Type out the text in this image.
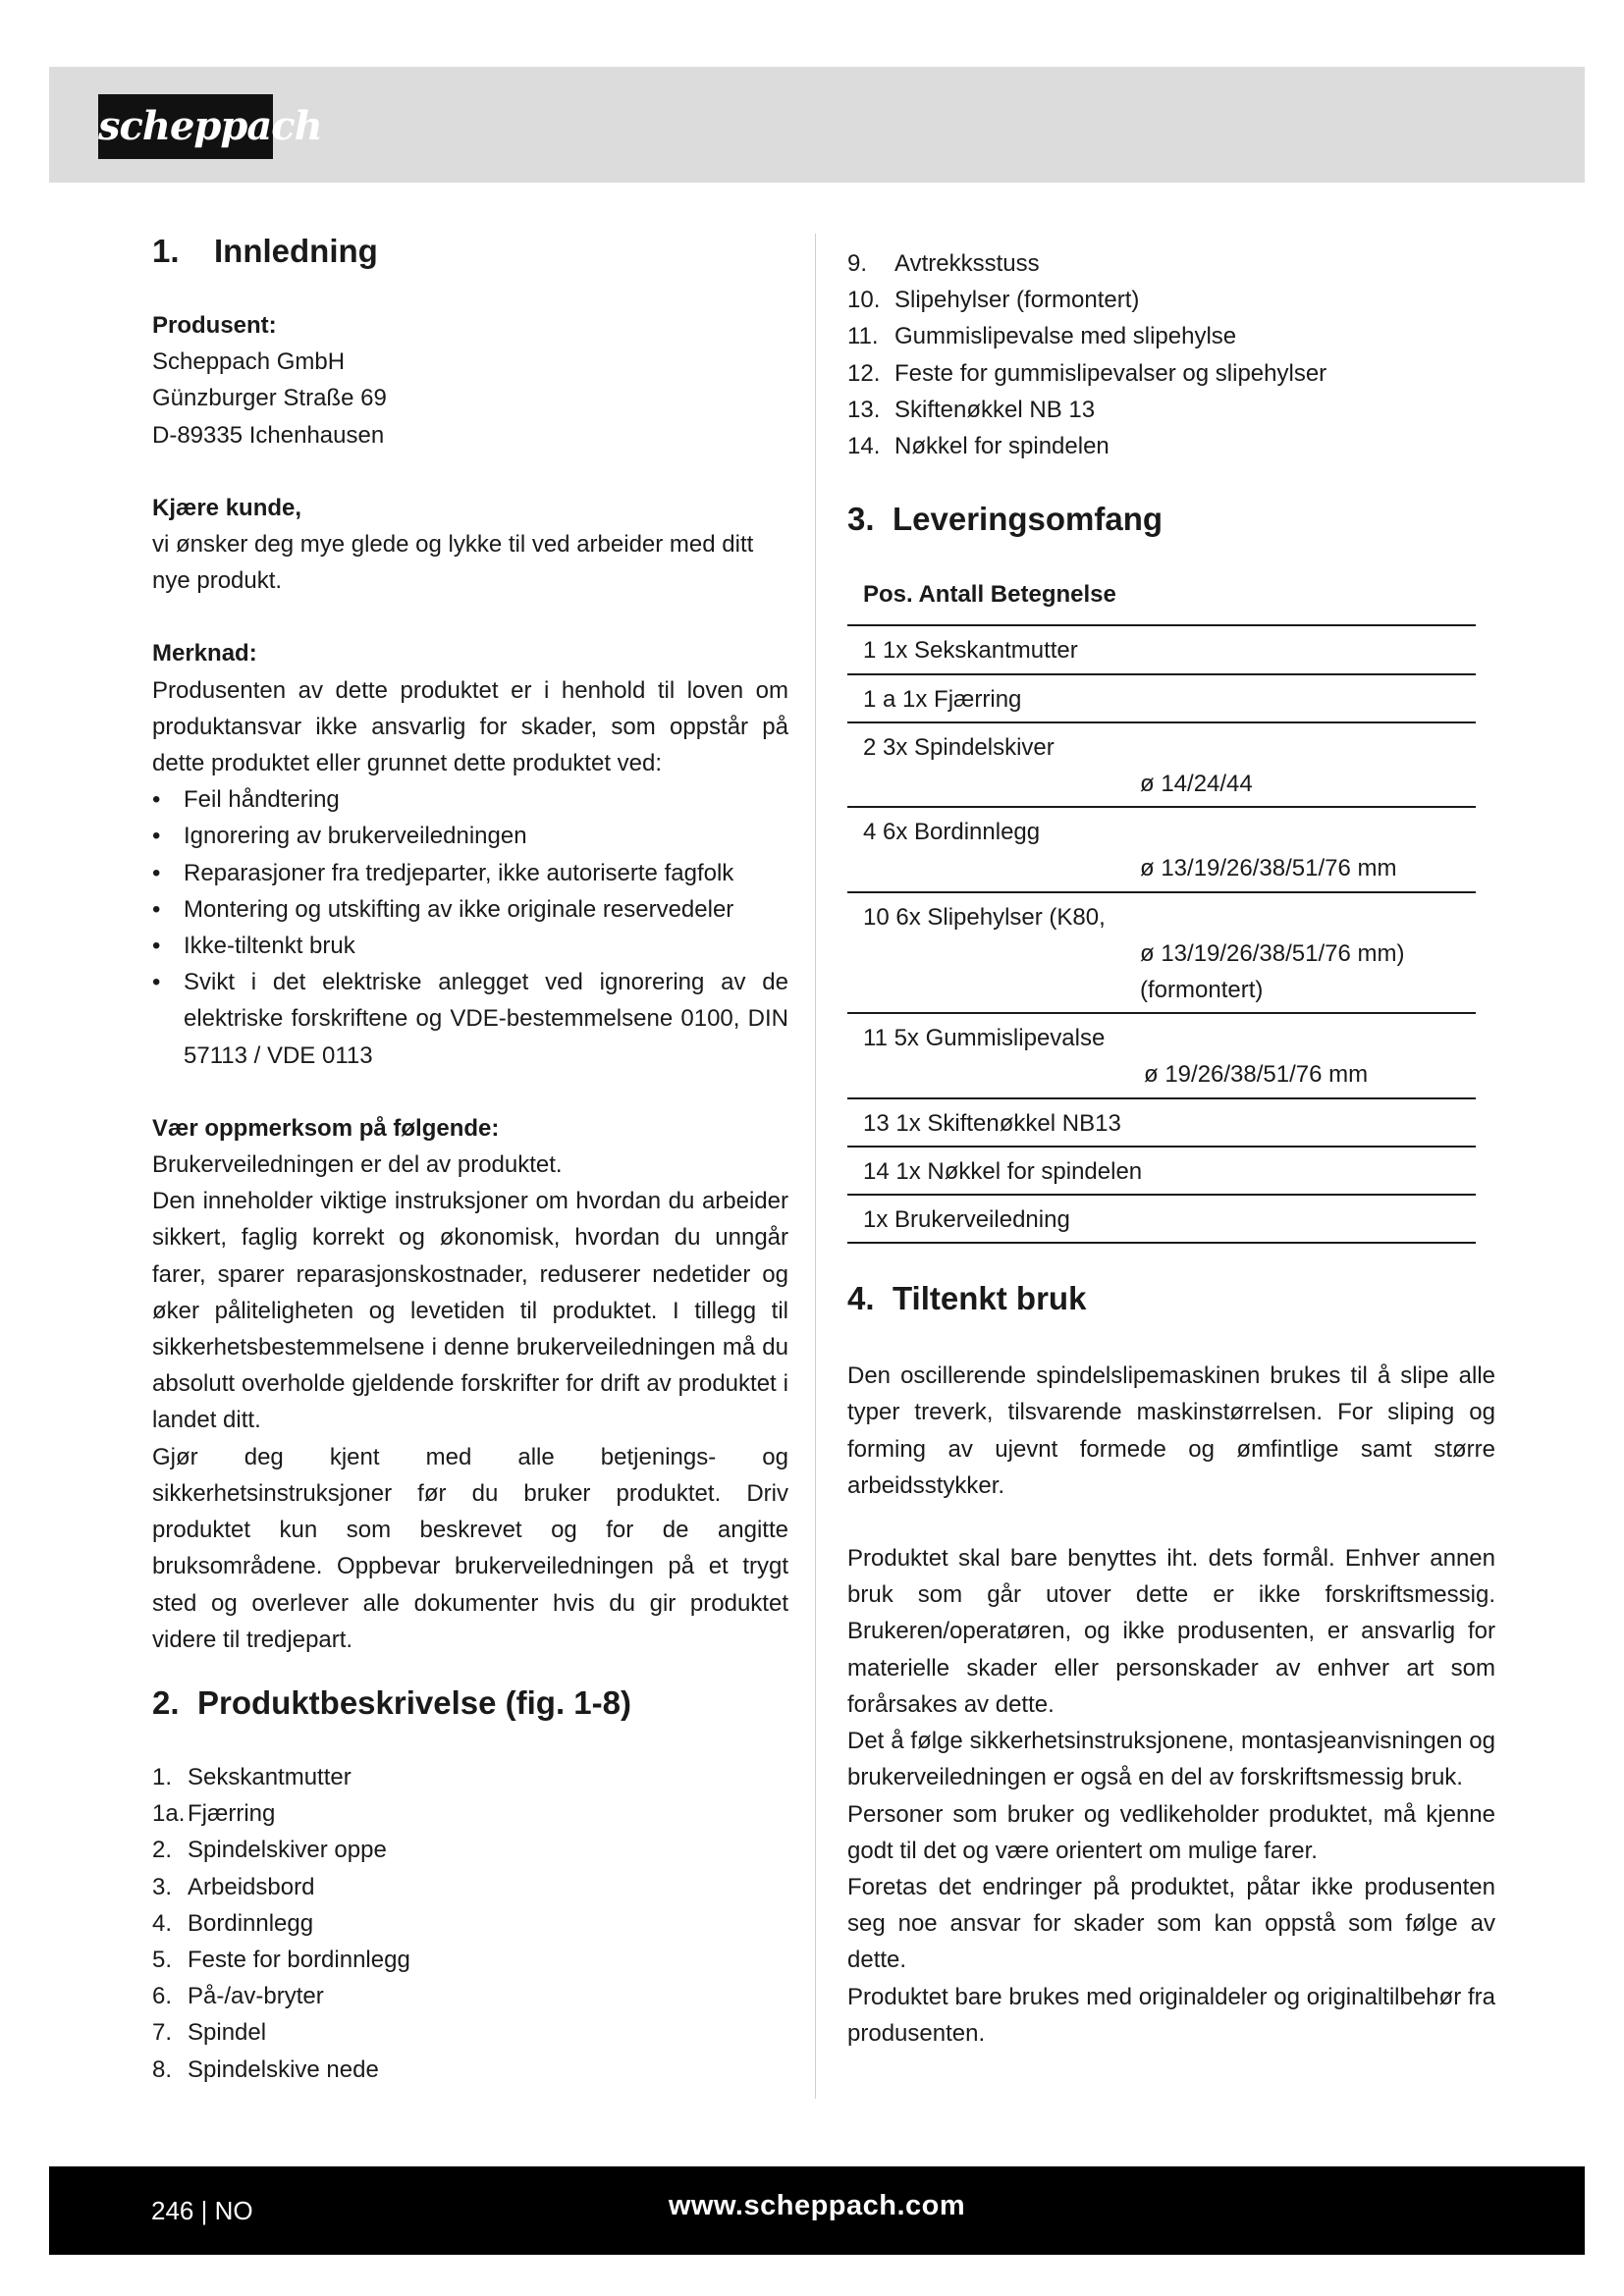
scheppach
1.	Innledning

Produsent:

Scheppach GmbH

Günzburger Straße 69

D-89335 Ichenhausen

Kjære kunde,

vi ønsker deg mye glede og lykke til ved arbeider med ditt nye produkt.

Merknad:

Produsenten av dette produktet er i henhold til loven om produktansvar ikke ansvarlig for skader, som oppstår på dette produktet eller grunnet dette produktet ved:

• Feil håndtering
• Ignorering av brukerveiledningen
• Reparasjoner fra tredjeparter, ikke autoriserte fagfolk
• Montering og utskifting av ikke originale reservedeler
• Ikke-tiltenkt bruk
• Svikt i det elektriske anlegget ved ignorering av de elektriske forskriftene og VDE-bestemmelsene 0100, DIN 57113 / VDE 0113

Vær oppmerksom på følgende:

Brukerveiledningen er del av produktet.

Den inneholder viktige instruksjoner om hvordan du arbeider sikkert, faglig korrekt og økonomisk, hvordan du unngår farer, sparer reparasjonskostnader, reduserer nedetider og øker påliteligheten og levetiden til produktet. I tillegg til sikkerhetsbestemmelsene i denne brukerveiledningen må du absolutt overholde gjeldende forskrifter for drift av produktet i landet ditt.

Gjør deg kjent med alle betjenings- og sikkerhetsinstruksjoner før du bruker produktet. Driv produktet kun som beskrevet og for de angitte bruksområdene. Oppbevar brukerveiledningen på et trygt sted og overlever alle dokumenter hvis du gir produktet videre til tredjepart.

2. Produktbeskrivelse (fig. 1-8)
1. Sekskantmutter
1a. Fjærring
2. Spindelskiver oppe
3. Arbeidsbord
4. Bordinnlegg
5. Feste for bordinnlegg
6. På-/av-bryter
7. Spindel
8. Spindelskive nede
9.	Avtrekksstuss
10. Slipehylser (formontert)
11. Gummislipevalse med slipehylse
12. Feste for gummislipevalser og slipehylser
13. Skiftenøkkel NB 13
14. Nøkkel for spindelen
3. Leveringsomfang
Pos. Antall Betegnelse
1 1x Sekskantmutter
1 a 1x Fjærring
2 3x Spindelskiver
ø 14/24/44

4 6x Bordinnlegg
ø 13/19/26/38/51/76 mm

10 6x Slipehylser (K80,
ø 13/19/26/38/51/76 mm)
(formontert)

11 5x Gummislipevalse
ø 19/26/38/51/76 mm

13 1x Skiftenøkkel NB13
14 1x Nøkkel for spindelen
1x Brukerveiledning
4. Tiltenkt bruk

Den oscillerende spindelslipemaskinen brukes til å slipe alle typer treverk, tilsvarende maskinstørrelsen. For sliping og forming av ujevnt formede og ømfintlige samt større arbeidsstykker.

Produktet skal bare benyttes iht. dets formål. Enhver annen bruk som går utover dette er ikke forskriftsmessig. Brukeren/operatøren, og ikke produsenten, er ansvarlig for materielle skader eller personskader av enhver art som forårsakes av dette.

Det å følge sikkerhetsinstruksjonene, montasjeanvisningen og brukerveiledningen er også en del av forskriftsmessig bruk.

Personer som bruker og vedlikeholder produktet, må kjenne godt til det og være orientert om mulige farer.

Foretas det endringer på produktet, påtar ikke produsenten seg noe ansvar for skader som kan oppstå som følge av dette.

Produktet bare brukes med originaldeler og originaltilbehør fra produsenten.

246 | NO	www.scheppach.com
